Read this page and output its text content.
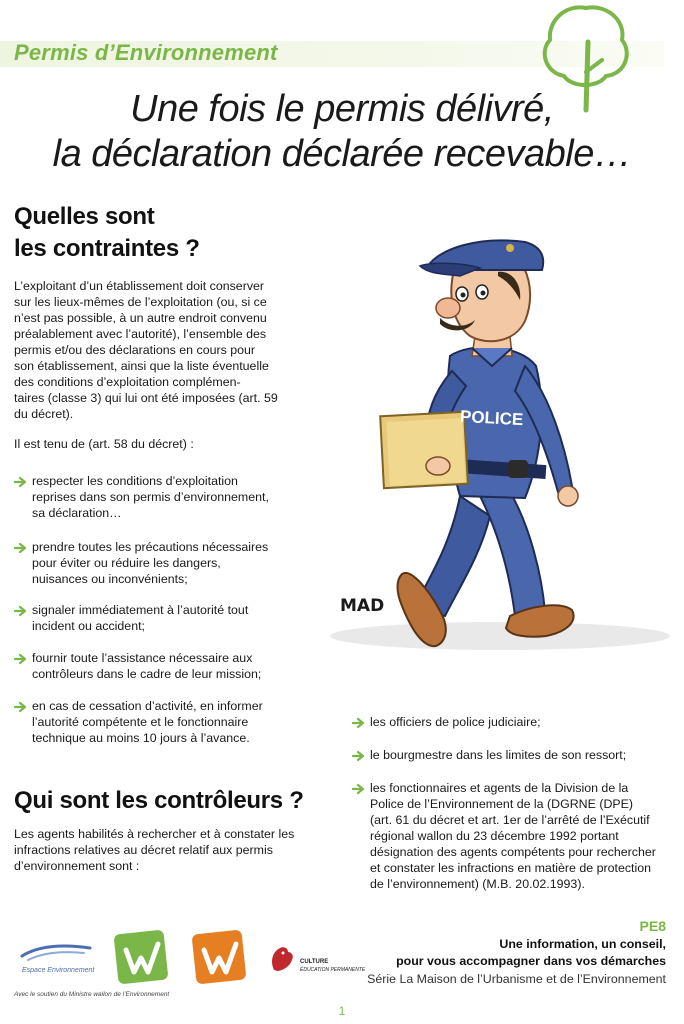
Permis d’Environnement
Une fois le permis délivré,
la déclaration déclarée recevable…
Quelles sont
les contraintes ?
L’exploitant d’un établissement doit conserver
sur les lieux-mêmes de l’exploitation (ou, si ce
n’est pas possible, à un autre endroit convenu
préalablement avec l’autorité), l’ensemble des
permis et/ou des déclarations en cours pour
son établissement, ainsi que la liste éventuelle
des conditions d’exploitation complémen-
taires (classe 3) qui lui ont été imposées (art. 59
du décret).
Il est tenu de (art. 58 du décret) :
respecter les conditions d’exploitation
reprises dans son permis d’environnement,
sa déclaration…
prendre toutes les précautions nécessaires
pour éviter ou réduire les dangers,
nuisances ou inconvénients;
signaler immédiatement à l’autorité tout
incident ou accident;
fournir toute l’assistance nécessaire aux
contrôleurs dans le cadre de leur mission;
en cas de cessation d’activité, en informer
l’autorité compétente et le fonctionnaire
technique au moins 10 jours à l’avance.
POLICE
MAD
les officiers de police judiciaire;
le bourgmestre dans les limites de son ressort;
les fonctionnaires et agents de la Division de la
Police de l’Environnement de la (DGRNE (DPE)
(art. 61 du décret et art. 1er de l’arrêté de l’Exécutif
régional wallon du 23 décembre 1992 portant
désignation des agents compétents pour rechercher
et constater les infractions en matière de protection
de l’environnement) (M.B. 20.02.1993).
Qui sont les contrôleurs ?
Les agents habilités à rechercher et à constater les
infractions relatives au décret relatif aux permis
d’environnement sont :
Espace Environnement
CULTURE
ÉDUCATION PERMANENTE
Avec le soutien du Ministre wallon de l’Environnement
PE8
Une information, un conseil,
pour vous accompagner dans vos démarches
Série La Maison de l’Urbanisme et de l’Environnement
1
